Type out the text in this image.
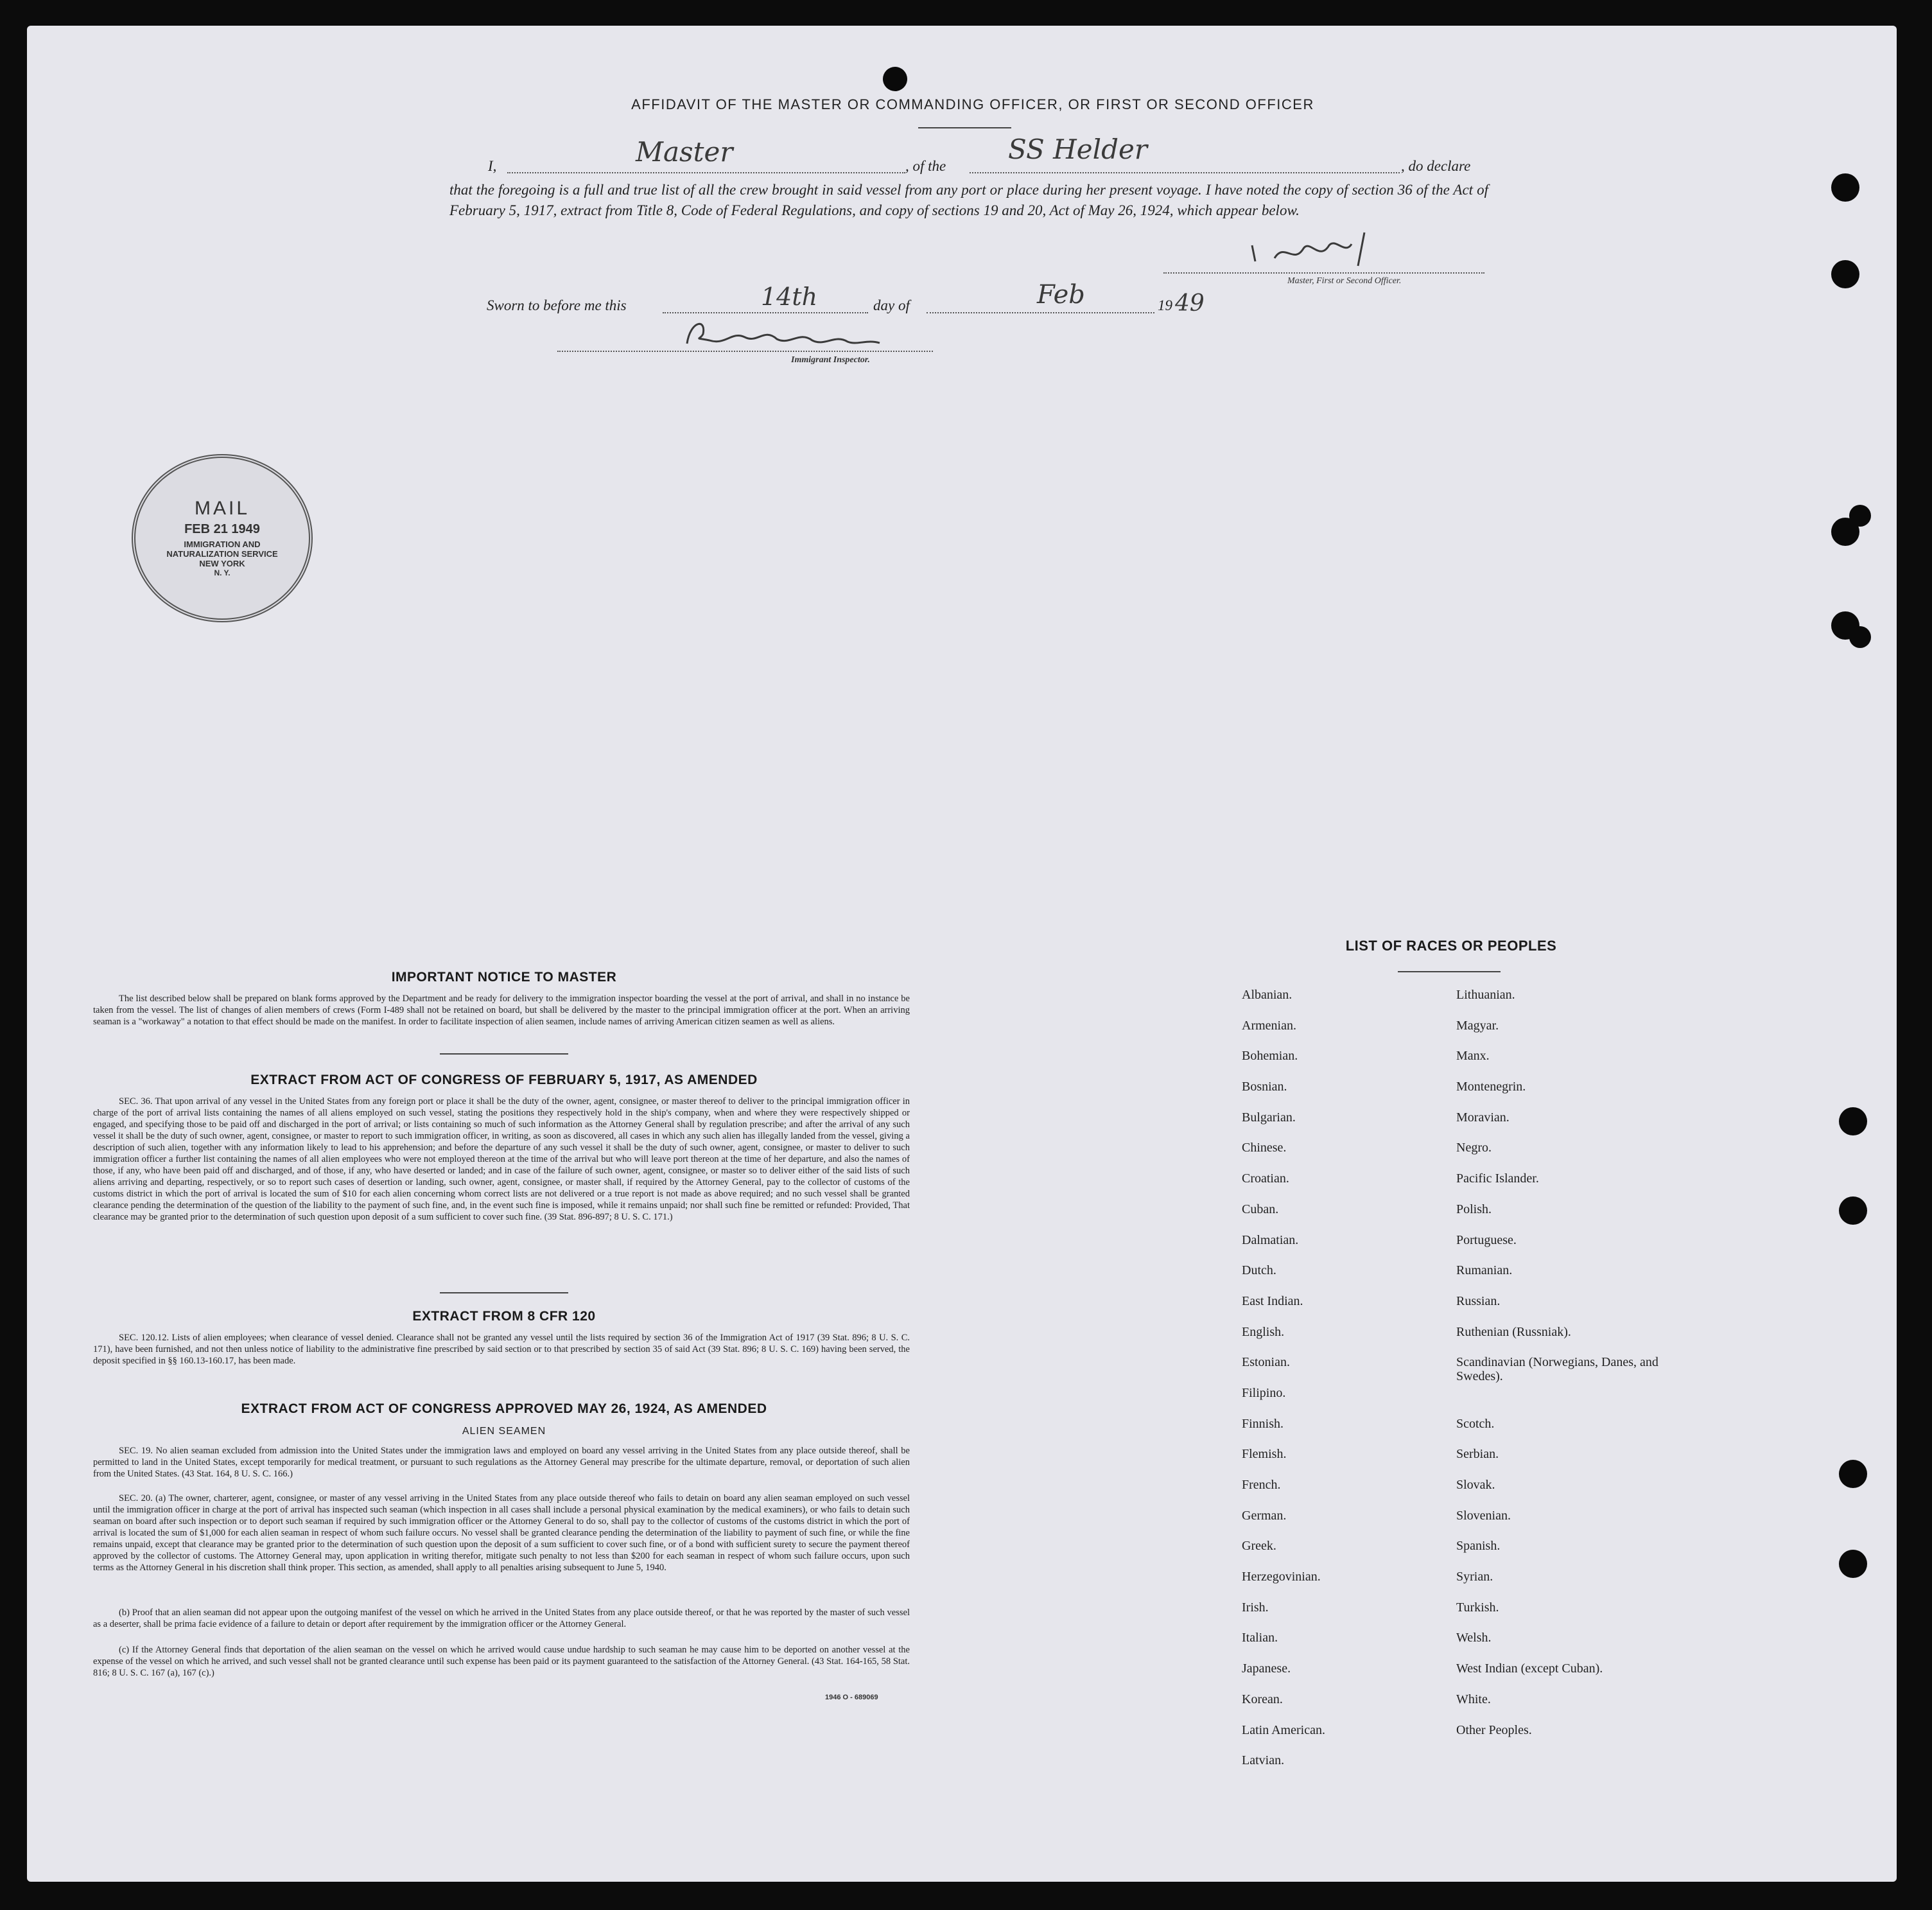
AFFIDAVIT OF THE MASTER OR COMMANDING OFFICER, OR FIRST OR SECOND OFFICER
I,	Master	, of the
SS Helder
, do declare
that the foregoing is a full and true list of all the crew brought in said vessel from any port or place during her present voyage. I have noted the copy of section 36 of the Act of February 5, 1917, extract from Title 8, Code of Federal Regulations, and copy of sections 19 and 20, Act of May 26, 1924, which appear below.
Master, First or Second Officer.
Sworn to before me this	14th	day of	Feb	19 49
Immigrant Inspector.
MAIL
FEB 21 1949
IMMIGRATION AND NATURALIZATION SERVICE
NEW YORK
N. Y.
IMPORTANT NOTICE TO MASTER
The list described below shall be prepared on blank forms approved by the Department and be ready for delivery to the immigration inspector boarding the vessel at the port of arrival, and shall in no instance be taken from the vessel. The list of changes of alien members of crews (Form I-489 shall not be retained on board, but shall be delivered by the master to the principal immigration officer at the port. When an arriving seaman is a "workaway" a notation to that effect should be made on the manifest. In order to facilitate inspection of alien seamen, include names of arriving American citizen seamen as well as aliens.
EXTRACT FROM ACT OF CONGRESS OF FEBRUARY 5, 1917, AS AMENDED
SEC. 36. That upon arrival of any vessel in the United States from any foreign port or place it shall be the duty of the owner, agent, consignee, or master thereof to deliver to the principal immigration officer in charge of the port of arrival lists containing the names of all aliens employed on such vessel, stating the positions they respectively hold in the ship's company, when and where they were respectively shipped or engaged, and specifying those to be paid off and discharged in the port of arrival; or lists containing so much of such information as the Attorney General shall by regulation prescribe; and after the arrival of any such vessel it shall be the duty of such owner, agent, consignee, or master to report to such immigration officer, in writing, as soon as discovered, all cases in which any such alien has illegally landed from the vessel, giving a description of such alien, together with any information likely to lead to his apprehension; and before the departure of any such vessel it shall be the duty of such owner, agent, consignee, or master to deliver to such immigration officer a further list containing the names of all alien employees who were not employed thereon at the time of the arrival but who will leave port thereon at the time of her departure, and also the names of those, if any, who have been paid off and discharged, and of those, if any, who have deserted or landed; and in case of the failure of such owner, agent, consignee, or master so to deliver either of the said lists of such aliens arriving and departing, respectively, or so to report such cases of desertion or landing, such owner, agent, consignee, or master shall, if required by the Attorney General, pay to the collector of customs of the customs district in which the port of arrival is located the sum of $10 for each alien concerning whom correct lists are not delivered or a true report is not made as above required; and no such vessel shall be granted clearance pending the determination of the question of the liability to the payment of such fine, and, in the event such fine is imposed, while it remains unpaid; nor shall such fine be remitted or refunded: Provided, That clearance may be granted prior to the determination of such question upon deposit of a sum sufficient to cover such fine. (39 Stat. 896-897; 8 U. S. C. 171.)
EXTRACT FROM 8 CFR 120
SEC. 120.12. Lists of alien employees; when clearance of vessel denied. Clearance shall not be granted any vessel until the lists required by section 36 of the Immigration Act of 1917 (39 Stat. 896; 8 U. S. C. 171), have been furnished, and not then unless notice of liability to the administrative fine prescribed by said section or to that prescribed by section 35 of said Act (39 Stat. 896; 8 U. S. C. 169) having been served, the deposit specified in §§ 160.13-160.17, has been made.
EXTRACT FROM ACT OF CONGRESS APPROVED MAY 26, 1924, AS AMENDED
ALIEN SEAMEN
SEC. 19. No alien seaman excluded from admission into the United States under the immigration laws and employed on board any vessel arriving in the United States from any place outside thereof, shall be permitted to land in the United States, except temporarily for medical treatment, or pursuant to such regulations as the Attorney General may prescribe for the ultimate departure, removal, or deportation of such alien from the United States. (43 Stat. 164, 8 U. S. C. 166.)
SEC. 20. (a) The owner, charterer, agent, consignee, or master of any vessel arriving in the United States from any place outside thereof who fails to detain on board any alien seaman employed on such vessel until the immigration officer in charge at the port of arrival has inspected such seaman (which inspection in all cases shall include a personal physical examination by the medical examiners), or who fails to detain such seaman on board after such inspection or to deport such seaman if required by such immigration officer or the Attorney General to do so, shall pay to the collector of customs of the customs district in which the port of arrival is located the sum of $1,000 for each alien seaman in respect of whom such failure occurs. No vessel shall be granted clearance pending the determination of the liability to payment of such fine, or while the fine remains unpaid, except that clearance may be granted prior to the determination of such question upon the deposit of a sum sufficient to cover such fine, or of a bond with sufficient surety to secure the payment thereof approved by the collector of customs. The Attorney General may, upon application in writing therefor, mitigate such penalty to not less than $200 for each seaman in respect of whom such failure occurs, upon such terms as the Attorney General in his discretion shall think proper. This section, as amended, shall apply to all penalties arising subsequent to June 5, 1940.
(b) Proof that an alien seaman did not appear upon the outgoing manifest of the vessel on which he arrived in the United States from any place outside thereof, or that he was reported by the master of such vessel as a deserter, shall be prima facie evidence of a failure to detain or deport after requirement by the immigration officer or the Attorney General.
(c) If the Attorney General finds that deportation of the alien seaman on the vessel on which he arrived would cause undue hardship to such seaman he may cause him to be deported on another vessel at the expense of the vessel on which he arrived, and such vessel shall not be granted clearance until such expense has been paid or its payment guaranteed to the satisfaction of the Attorney General. (43 Stat. 164-165, 58 Stat. 816; 8 U. S. C. 167 (a), 167 (c).)
1946 O - 689069
LIST OF RACES OR PEOPLES
Albanian.
Armenian.
Bohemian.
Bosnian.
Bulgarian.
Chinese.
Croatian.
Cuban.
Dalmatian.
Dutch.
East Indian.
English.
Estonian.
Filipino.
Finnish.
Flemish.
French.
German.
Greek.
Herzegovinian.
Irish.
Italian.
Japanese.
Korean.
Latin American.
Latvian.
Lithuanian.
Magyar.
Manx.
Montenegrin.
Moravian.
Negro.
Pacific Islander.
Polish.
Portuguese.
Rumanian.
Russian.
Ruthenian (Russniak).
Scandinavian (Norwegians, Danes, and Swedes).
Scotch.
Serbian.
Slovak.
Slovenian.
Spanish.
Syrian.
Turkish.
Welsh.
West Indian (except Cuban).
White.
Other Peoples.
